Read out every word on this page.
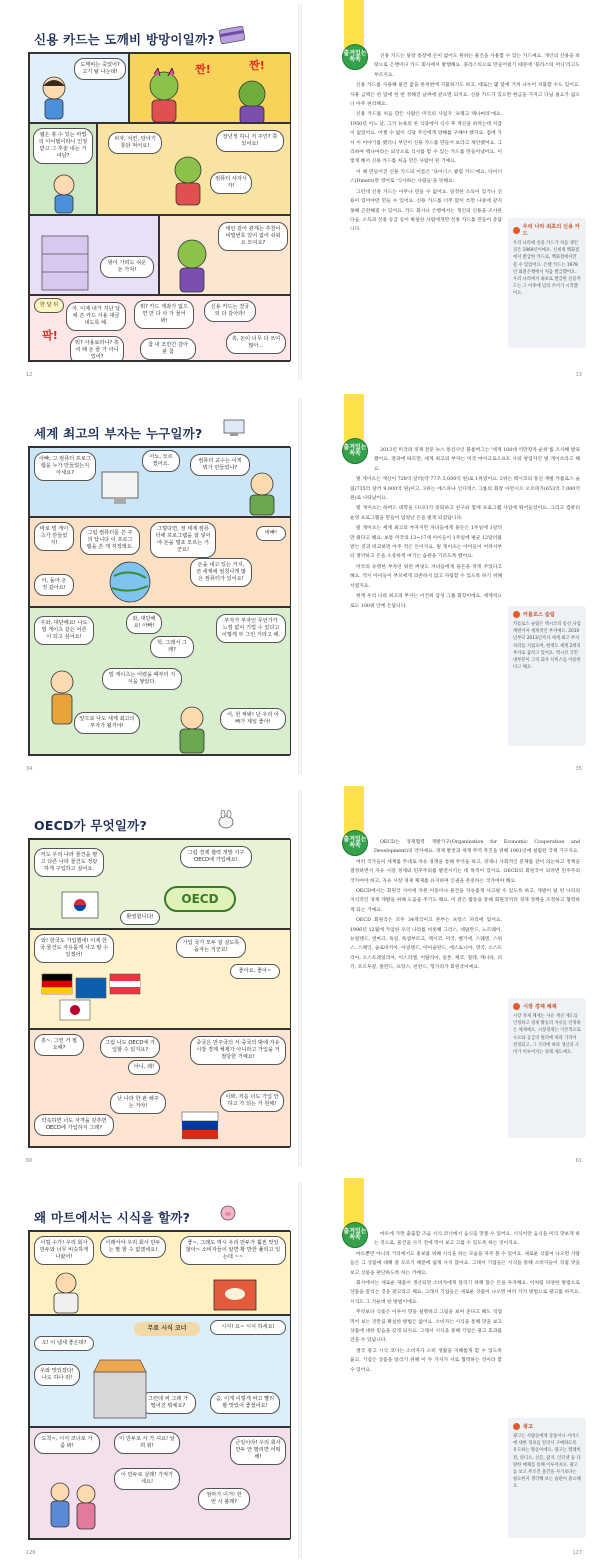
신용 카드는 도깨비 방망이일까?
도깨비는 죽었어? 고기 탈 나는데!	짠!	짠!
웹은 쏭 수 있는 마법의 아이템이라니 인정 받고 그 후술 내는 거 여담?
피자, 치킨, 탕아기 통닭 먹어요!
컴퓨터 사자시자!
장년정 하니 저 주인? 쭉 있어요!
왕이 가려도 쉬운 돈 가져!
애인 같아 관계는 추천이 비밀번호 있어 없어 쉬워요 모여요?
한 달 뒤
자, 이제 내가 지난 달에 쓴 카드 사용 대금 내도록 해.
뭐? 카드 계좌가 없으면 만 다 사 가 물어봐!
팍!
신용 카드는 결국 외 다 갚아라!
뭐? 사용료라니? 흑여 때 돈 줄 가 아니었어?
흑, 돈이 너무 다 쓰여 많아...
참 내 조만간 갚아 판 참
12
출겨있는 쏙쏙	신용 카드는 당장 통장에 돈이 없어도 원하는 물건을 사용할 수 있는 카드예요. 개인의 신용을 바탕으로 은행이나 카드 회사에서 발행해요. 플라스틱으로 만들어졌기 때문에 '플라스틱 머니'라고도 부르지요.

신용 카드를 사용해 물건 값을 한꺼번에 지불하기도 하고, 때로는 몇 달에 거쳐 나누어 지불할 수도 있어요. 사용 금액은 한 달에 한 번 정해진 날짜에 갚으면 되지요. 신용 카드가 있으면 현금을 가지고 다닐 필요가 없으니 아주 편리해요.

신용 카드를 처음 만든 사람은 미국의 사업가 '프랭크 맥나마라'예요. 1950년 어느 날, 그가 뉴욕의 한 식당에서 식사 후 계산을 하려는데 지갑이 없었어요. 어쩔 수 없이 식당 주인에게 양해를 구해야 했지요. 집에 가서 이 이야기를 했더니 부인이 신용 카드를 만들어 보라고 제안했어요. 그리하여 맥나마라는 외상으로 식사를 할 수 있는 카드를 만들어냈어요. 이렇게 해서 신용 카드를 처음 만든 사람이 된 거예요.

이 때 만들어진 신용 카드의 이름은 '다이너스 클럽 카드'예요. 다이너스(Diners)란 영어로 '식사하는 사람들'을 뜻해요.

그런데 신용 카드는 아무나 만들 수 없어요. 일정한 소득이 있거나 신용이 있어야만 만들 수 있어요. 신용 카드를 너무 많이 쓰면 나중에 갚지 못해 곤란해질 수 있어요. 카드 회사나 은행에서는 개인의 신용을 조사한 다음, 소득과 신용 등급 등이 확실한 사람에게만 신용 카드를 만들어 준답니다.	우리 나라 최초의 신용 카드
우리 나라에 신용 카드가 처음 생긴 것은 1969년이에요. 신세계 백화점에서 발급한 카드로, 백화점에서만 쓸 수 있었어요. 은행 카드는 1978년 외환은행에서 처음 발급했어요. 우리 나라에서 최초로 발급한 신용카드는 그 이후에 널리 쓰이기 시작했어요.
13
세계 최고의 부자는 누구일까?
아빠, 그 컴퓨터 프로그램을 누가 만들었는지 아세요?
아뇨, 모르겠어요.
컴퓨터 교수는 이게 뭐가 만들었나?
바로 빌 게이츠가 만들었지!
그럼 컴퓨터를 쓴 주의 답니다 이 프로그램을 쓴 게 걱정돼요.
그렇다면, 정 세계 컴퓨터에 프로그램을 잘 넣어야 돈을 벌죠 모르는 거군요!
바빠!
돈을 내고 있는 거지, 전 세계에 엄청나게 많은 컴퓨터가 있어요!
아, 돌아 온 것 같아요!
와, 대단해요! 아빠!
우와, 대단해요! 나도 빌 게이츠 같은 어른이 되고 싶어요!
부자가 부자인 무언가가 느낌 없이 기업 수 있다고 이렇게 부 그런 거라고 해.
빌 게이츠는 어렸을 때부터 지식을 쌓았다.
헉, 그래서 그래?
앞으로 나도 세계 최고의 부자가 될거야!
어, 헌 짜봐! 난 우리 아빠가 제일 좋아!
34
출겨있는 쏙쏙	2013년 미국의 경제 전문 뉴스 통신사인 블룸버그는 '세계 100대 억만장자 순위'를 조사해 발표했어요. 결과에 따르면, 세계 최고의 부자는 미국 마이크로소프트 사의 창업자인 빌 게이츠라고 해요.

빌 게이츠는 재산이 728억 달러(약 77조 3,000억 원)로 1위였어요. 2위는 멕시코의 통신 재벌 카를로스 슬림(735억 달러 9,000억 원)이고, 3위는 에스파냐 인디텍스 그룹의 회장 아만시오 오르테가(653억 7,000억 원)로 나타났어요.

빌 게이츠는 하버드 대학을 다니다가 중퇴하고 친구와 함께 프로그램 사업에 뛰어들었어요. 그리고 컴퓨터 운영 프로그램을 만들어 엄청난 돈을 벌게 되었답니다.

빌 게이츠는 세계 최고의 부자지만 자녀들에게 용돈은 1주일에 1달러만 줬다고 해요. 보통 미국의 13~17세 아이들이 1주일에 평균 12달러를 받는 것과 비교하면 아주 적은 돈이지요. 빌 게이츠는 아이들이 어려서부터 절약하고 돈을 소중하게 여기는 습관을 기르도록 했어요.

미국의 유명한 부자인 워런 버핏도 자녀들에게 용돈을 적게 주었다고 해요. 역시 아이들이 부모에게 의존하지 않고 자립할 수 있도록 하기 위해서였지요.

현재 우리 나라 최고의 부자는 이건희 삼성 그룹 회장이에요. 세계적으로도 100위 안에 든답니다.

카를로스 슬림
카를로스 슬림은 멕시코의 통신 사업 재벌이자 세계적인 부자예요. 2010년부터 2013년까지 세계 최고 부자 자리를 지켰으며, 현재도 세계 2위의 부자로 꼽히고 있어요. 멕시코 국민 대부분이 그의 회사 서비스를 이용한다고 해요.
35
OECD가 무엇일까?
저도 우리 나라 물건을 팔고 다른 나라 물건도 정당하게 구입하고 싶어요.
그럼 경제 협력 개발 기구 OECD에 가입해요!
OECD
환영합니다!
와! 한국도 가입했네! 이제 한국 물건도 자유롭게 사고 팔 수 있겠어!
가입 국가 모두 잘 살도록 돕자는 거군요!
좋아요, 좋아~
흥~, 그런 거 필요해?
그럼 나도 OECD에 가입할 수 있지요?
중국은 만주국의 서 중국의 밖에 자유 시장 경제 체제가 아니라고 가입을 거절당한 거예요!
아니, 왜!
난 나라 한 판 해주는 거야!
이봐, 처음 너도 가입 안 하고 가 되는 거 원해!
약속하면 너도 자격을 갖추면 OECD에 가입하지 그래?
60
출겨있는 쏙쏙	OECD는 경제협력 개발기구(Organization for Economic Cooperation and Development)의 약자예요. 경제 발전과 세계 무역 촉진을 위해 1961년에 설립된 국제 기구지요.

여러 국가들이 세계를 무대로 자유 경쟁을 통해 무역을 하고, 경제나 사회적인 문제를 같이 의논하고 정책을 결정하면서 자유 시장 경제와 민주주의를 발전시키는 데 목적이 있어요. OECD의 회원국이 되려면 민주주의 국가여야 하고, 자유 시장 경제 체제를 유지하며 인권을 존중하는 국가여야 해요.

OECD에서는 회원국 사이에 자본 이동이나 물건을 자유롭게 사고팔 수 있도록 하고, 개발이 덜 된 나라의 지식적인 경제 개발을 위해 도움을 주기도 해요. 이 같은 활동을 통해 회원국끼리 경제 정책을 조정하고 협력하게 되는 거예요.

OECD 회원국은 모두 34개국이고 본부는 프랑스 파리에 있어요. 1996년 12월에 가입한 우리 나라를 비롯해 그리스, 네덜란드, 노르웨이, 뉴질랜드, 덴마크, 독일, 룩셈부르크, 멕시코, 미국, 벨기에, 스웨덴, 스위스, 스페인, 슬로바키아, 아일랜드, 아이슬란드, 에스토니아, 영국, 오스트리아, 오스트레일리아, 이스라엘, 이탈리아, 일본, 체코, 칠레, 캐나다, 터키, 포르투갈, 폴란드, 프랑스, 핀란드, 헝가리가 회원국이에요.

시장 경제 체제
시장 경제 체제는 사유 재산 제도를 인정하고 경제 활동의 자유를 인정하는 체제예요. 시장경제는 기본적으로 수요와 공급의 원리에 따라 가격이 결정되고, 그 가격에 따라 생산과 소비가 이루어지는 경제 제도예요.
61
왜 마트에서는 시식을 할까?
이럴 수가! 우리 회사 만두와 너무 비슷하게 나왔어!
이래서야 우리 회사 만두는 팔 할 수 없겠네요!
좋~, 그래도 역시 우리 만두가 훨씬 맛있잖아~ 소비자들이 알면 확 반한 풀리고 있는데 ~~
무료 시식 코너	시식! 요~ 시식 하세요!
오! 이 냄새 좋은데?
우와 맛있겠다! 나도 하나 줘!
그런데 써 그래 가 떨어진 뭐예요?
음, 이게 이렇게 싸고 빨리 팔 맛있어 좋겠어요!
도착~, 시식 코너로 가 좀 봐!
이 만두로 사 가 셔요! 알려 줘!
이 만두로 살래! 가져가세요!
엄마가 이거! 한 번 사 볼래?
큰일이야! 우리 회사 만두 안 팔리면 어떡해!
126
출겨있는 쏙쏙	마트에 가면 출출할 즈음 시식 코너에서 음식을 맛볼 수 있어요. 시식이란 음식을 미리 맛보게 하는 것으로, 물건을 사기 전에 먹어 보고 고를 수 있도록 하는 것이지요.

마트뿐만 아니라 거리에서도 홍보를 위해 시식을 하는 모습을 자주 볼 수 있어요. 새로운 상품이 나오면 사람들은 그 상품에 대해 잘 모르기 때문에 쉽게 사지 않아요. 그래서 기업들은 시식을 통해 소비자들이 직접 맛을 보고 상품을 판단하도록 하는 거예요.

회사에서는 새로운 제품이 생산되면 소비자에게 알리기 위해 많은 돈을 투자해요. 이처럼 다양한 방법으로 상품을 알리는 것을 광고라고 해요. 그래서 기업들은 새로운 상품이 나오면 여러 가지 방법으로 광고를 하지요. 시식도 그 가운데 한 방법이에요.

무엇보다 식품은 이루어 맛을 설명하고 그림을 보여 준다고 해도 직접 먹어 보는 것만큼 확실한 방법은 없어요. 소비자는 시식을 통해 맛을 보고 상품에 대한 믿음을 갖게 되지요. 그래서 시식을 통해 기업은 광고 효과를 얻을 수 있답니다.

결국 광고 시식 코너는 소비자가 소비 생활을 지혜롭게 할 수 있도록 돕고, 기업은 상품을 알리기 위해 이 두 가지가 서로 협력하는 것이라 할 수 있어요.

광고
광고는 사람들에게 상품이나 서비스에 대한 정보를 알려서 구매하도록 유도하는 활동이에요. 광고는 텔레비전, 라디오, 신문, 잡지, 인터넷 등 다양한 매체를 통해 이루어져요. 광고를 보고 무조건 물건을 사기보다는 필요한지 생각해 보는 습관이 중요해요.
127
